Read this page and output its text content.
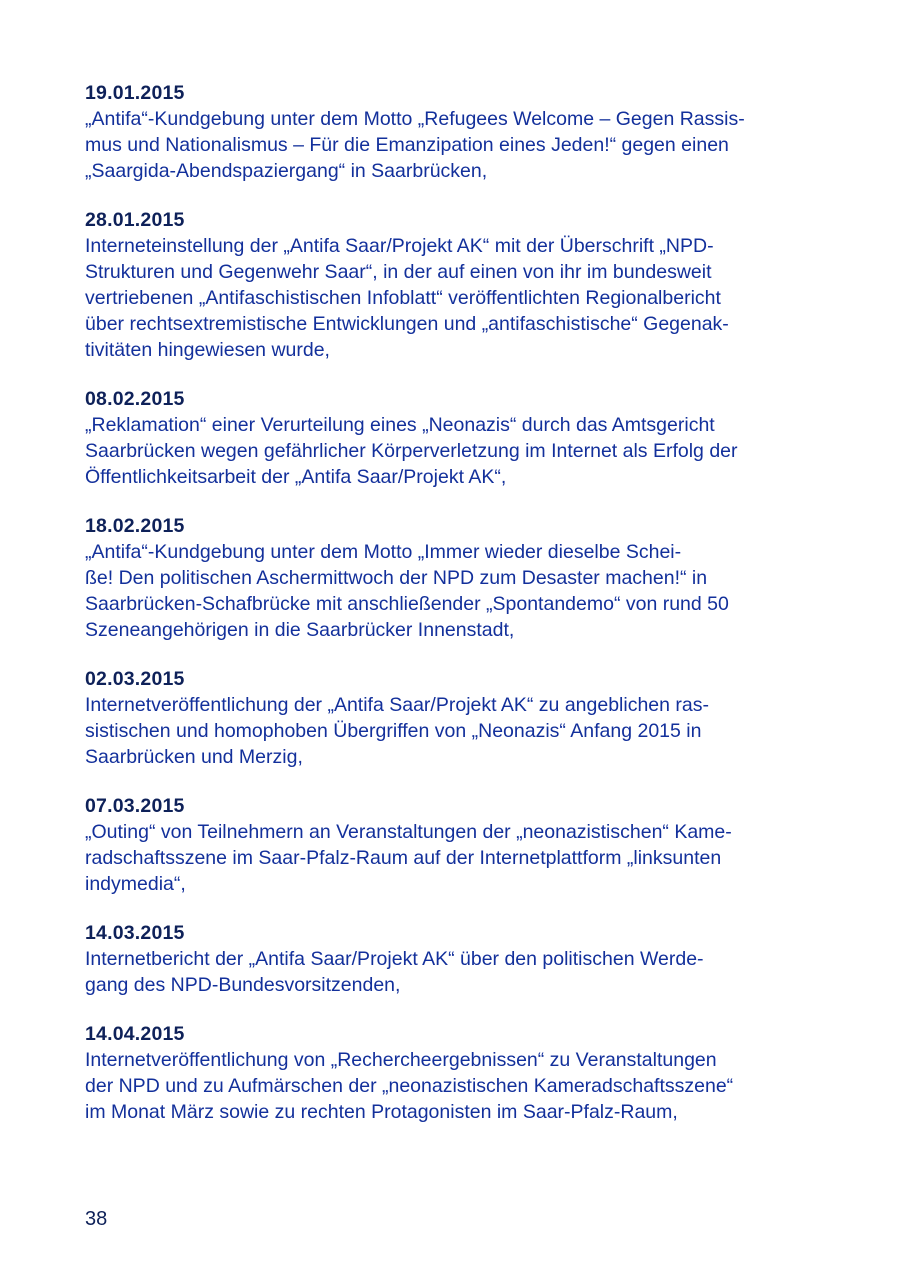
19.01.2015
„Antifa“-Kundgebung unter dem Motto „Refugees Welcome – Gegen Rassis-
mus und Nationalismus – Für die Emanzipation eines Jeden!“ gegen einen
„Saargida-Abendspaziergang“ in Saarbrücken,
28.01.2015
Interneteinstellung der „Antifa Saar/Projekt AK“ mit der Überschrift „NPD-
Strukturen und Gegenwehr Saar“, in der auf einen von ihr im bundesweit
vertriebenen „Antifaschistischen Infoblatt“ veröffentlichten Regionalbericht
über rechtsextremistische Entwicklungen und „antifaschistische“ Gegenak-
tivitäten hingewiesen wurde,
08.02.2015
„Reklamation“ einer Verurteilung eines „Neonazis“ durch das Amtsgericht
Saarbrücken wegen gefährlicher Körperverletzung im Internet als Erfolg der
Öffentlichkeitsarbeit der „Antifa Saar/Projekt AK“,
18.02.2015
„Antifa“-Kundgebung unter dem Motto „Immer wieder dieselbe Schei-
ße! Den politischen Aschermittwoch der NPD zum Desaster machen!“ in
Saarbrücken-Schafbrücke mit anschließender „Spontandemo“ von rund 50
Szeneangehörigen in die Saarbrücker Innenstadt,
02.03.2015
Internetveröffentlichung der „Antifa Saar/Projekt AK“ zu angeblichen ras-
sistischen und homophoben Übergriffen von „Neonazis“ Anfang 2015 in
Saarbrücken und Merzig,
07.03.2015
„Outing“ von Teilnehmern an Veranstaltungen der „neonazistischen“ Kame-
radschaftsszene im Saar-Pfalz-Raum auf der Internetplattform „linksunten
indymedia“,
14.03.2015
Internetbericht der „Antifa Saar/Projekt AK“ über den politischen Werde-
gang des NPD-Bundesvorsitzenden,
14.04.2015
Internetveröffentlichung von „Rechercheergebnissen“ zu Veranstaltungen
der NPD und zu Aufmärschen der „neonazistischen Kameradschaftsszene“
im Monat März sowie zu rechten Protagonisten im Saar-Pfalz-Raum,
38
